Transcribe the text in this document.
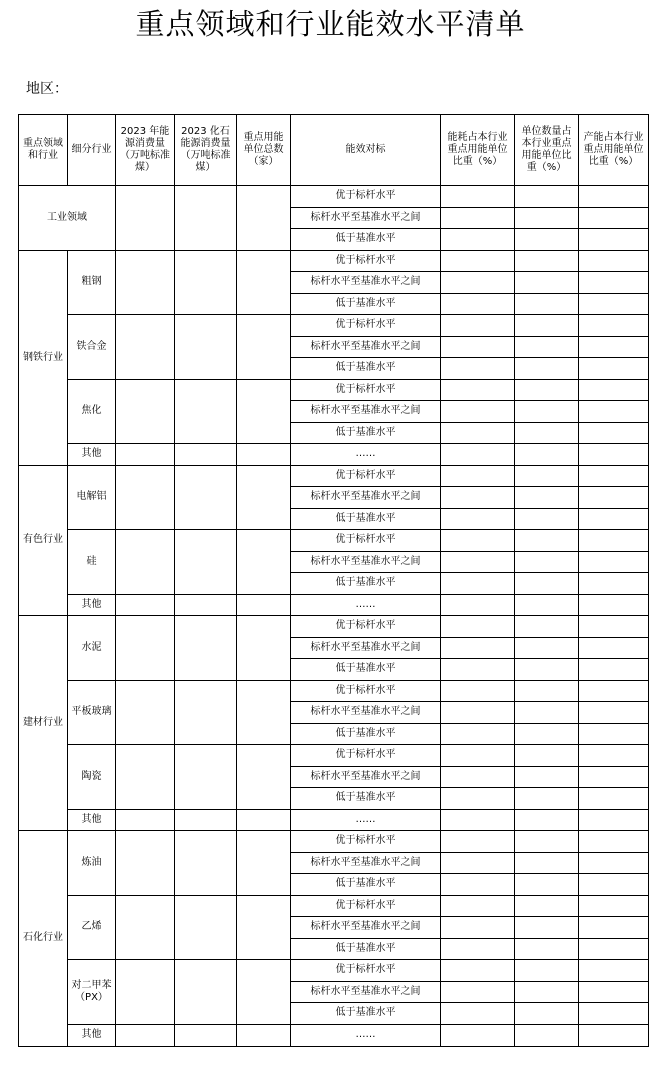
重点领域和行业能效水平清单
地区：
重点领域和行业	细分行业	2023 年能源消费量（万吨标准煤）	2023 化石能源消费量（万吨标准煤）	重点用能单位总数（家）	能效对标	能耗占本行业重点用能单位比重（%）	单位数量占本行业重点用能单位比重（%）	产能占本行业重点用能单位比重（%）
工业领域					优于标杆水平			
					标杆水平至基准水平之间			
					低于基准水平			
钢铁行业	粗钢				优于标杆水平			
					标杆水平至基准水平之间			
					低于基准水平			
	铁合金				优于标杆水平			
					标杆水平至基准水平之间			
					低于基准水平			
	焦化				优于标杆水平			
					标杆水平至基准水平之间			
					低于基准水平			
	其他				……			
有色行业	电解铝				优于标杆水平			
					标杆水平至基准水平之间			
					低于基准水平			
	硅				优于标杆水平			
					标杆水平至基准水平之间			
					低于基准水平			
	其他				……			
建材行业	水泥				优于标杆水平			
					标杆水平至基准水平之间			
					低于基准水平			
	平板玻璃				优于标杆水平			
					标杆水平至基准水平之间			
					低于基准水平			
	陶瓷				优于标杆水平			
					标杆水平至基准水平之间			
					低于基准水平			
	其他				……			
石化行业	炼油				优于标杆水平			
					标杆水平至基准水平之间			
					低于基准水平			
	乙烯				优于标杆水平			
					标杆水平至基准水平之间			
					低于基准水平			
	对二甲苯（PX）				优于标杆水平			
					标杆水平至基准水平之间			
					低于基准水平			
	其他				……			
